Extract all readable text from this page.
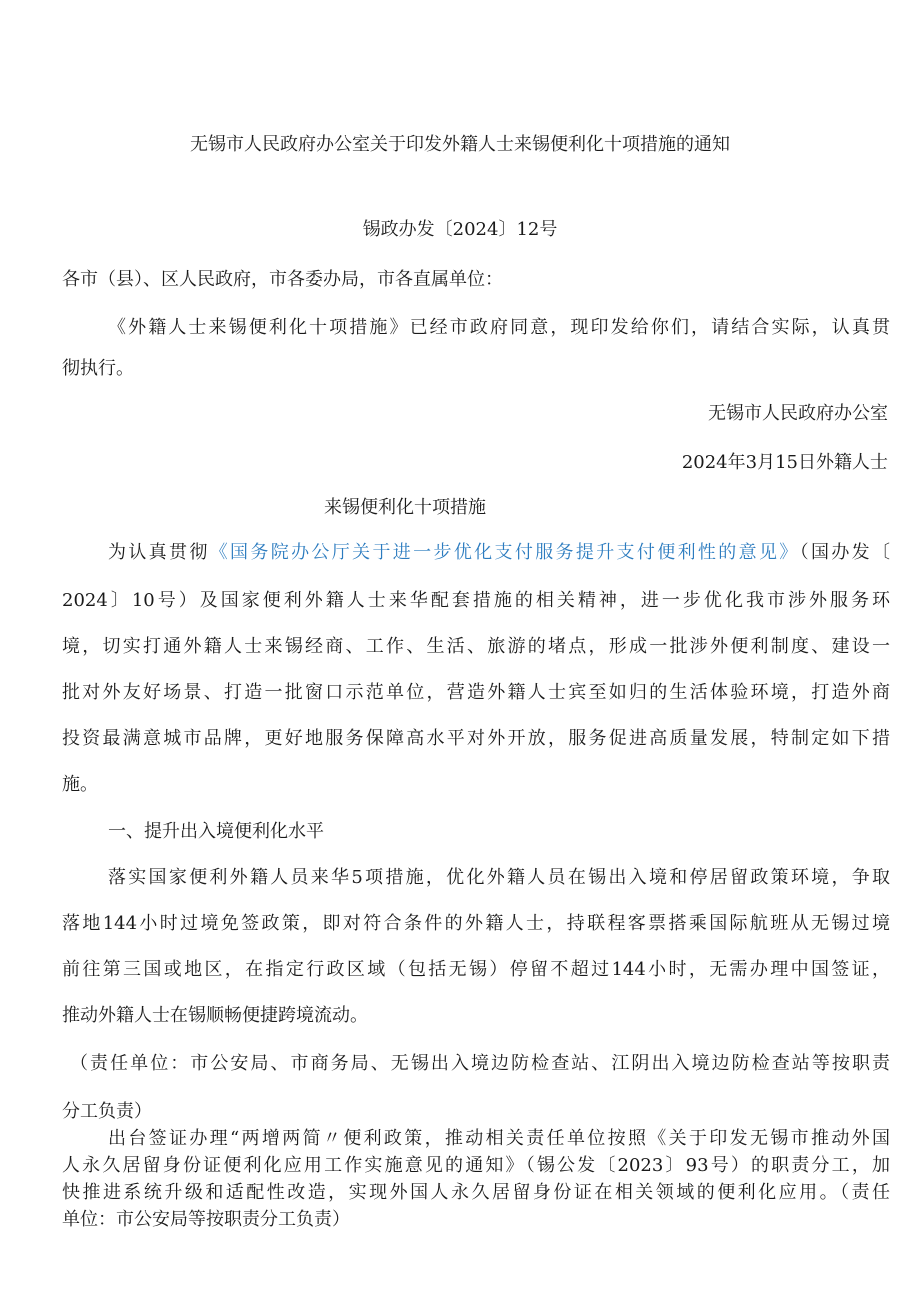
无锡市人民政府办公室关于印发外籍人士来锡便利化十项措施的通知

锡政办发〔2024〕12号

各市（县）、区人民政府，市各委办局，市各直属单位：

《外籍人士来锡便利化十项措施》已经市政府同意，现印发给你们，请结合实际，认真贯

彻执行。

无锡市人民政府办公室

2024年3月15日外籍人士

来锡便利化十项措施

为认真贯彻《国务院办公厅关于进一步优化支付服务提升支付便利性的意见》（国办发〔

2024〕10号）及国家便利外籍人士来华配套措施的相关精神，进一步优化我市涉外服务环

境，切实打通外籍人士来锡经商、工作、生活、旅游的堵点，形成一批涉外便利制度、建设一

批对外友好场景、打造一批窗口示范单位，营造外籍人士宾至如归的生活体验环境，打造外商

投资最满意城市品牌，更好地服务保障高水平对外开放，服务促进高质量发展，特制定如下措

施。

一、提升出入境便利化水平

落实国家便利外籍人员来华5项措施，优化外籍人员在锡出入境和停居留政策环境，争取

落地144小时过境免签政策，即对符合条件的外籍人士，持联程客票搭乘国际航班从无锡过境

前往第三国或地区，在指定行政区域（包括无锡）停留不超过144小时，无需办理中国签证，

推动外籍人士在锡顺畅便捷跨境流动。

（责任单位：市公安局、市商务局、无锡出入境边防检查站、江阴出入境边防检查站等按职责

分工负责）

出台签证办理“两增两简〃便利政策，推动相关责任单位按照《关于印发无锡市推动外国

人永久居留身份证便利化应用工作实施意见的通知》（锡公发〔2023〕93号）的职责分工，加

快推进系统升级和适配性改造，实现外国人永久居留身份证在相关领域的便利化应用。（责任

单位：市公安局等按职责分工负责）
